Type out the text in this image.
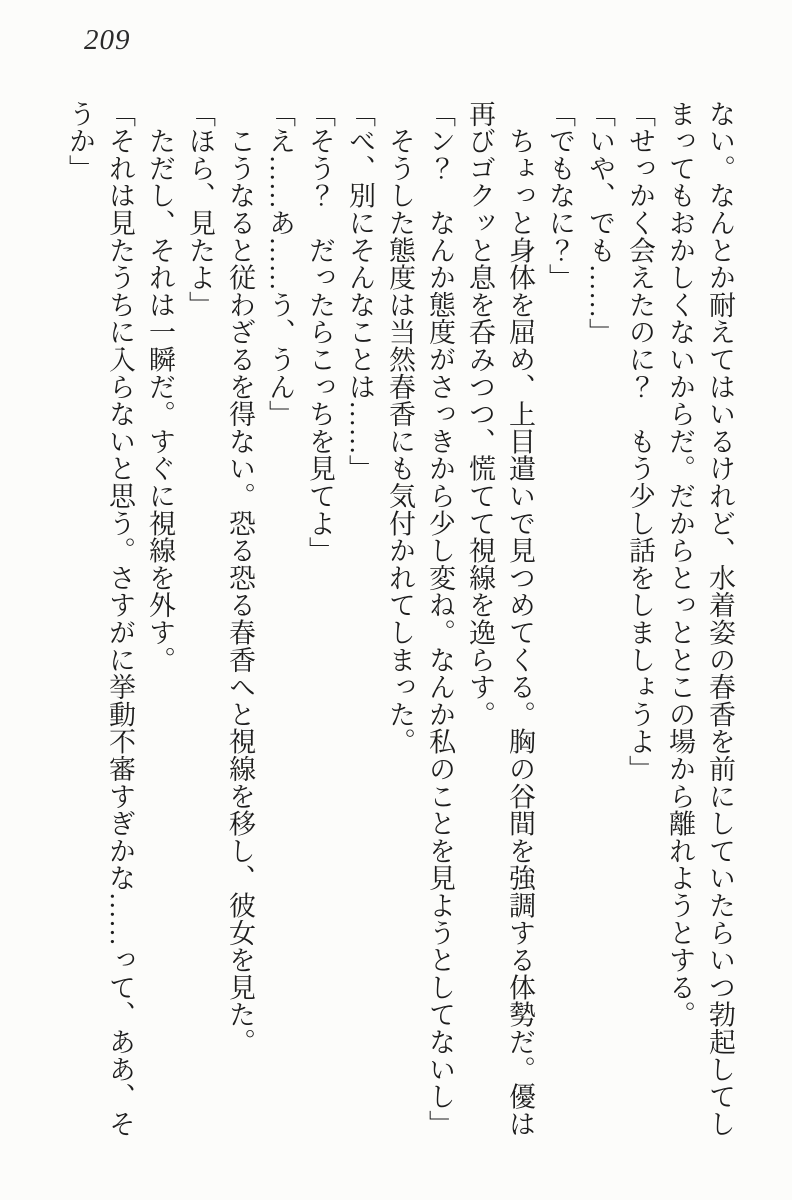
209

ない。なんとか耐えてはいるけれど、水着姿の春香を前にしていたらいつ勃起してしまってもおかしくないからだ。だからとっととこの場から離れようとする。

「せっかく会えたのに？　もう少し話をしましょうよ」

「いや、でも……」

「でもなに？」

　ちょっと身体を屈め、上目遣いで見つめてくる。胸の谷間を強調する体勢だ。優は再びゴクッと息を呑みつつ、慌てて視線を逸らす。

「ン？　なんか態度がさっきから少し変ね。なんか私のことを見ようとしてないし」

　そうした態度は当然春香にも気付かれてしまった。

「べ、別にそんなことは……」

「そう？　だったらこっちを見てよ」

「え……あ……う、うん」

　こうなると従わざるを得ない。恐る恐る春香へと視線を移し、彼女を見た。

「ほら、見たよ」

　ただし、それは一瞬だ。すぐに視線を外す。

「それは見たうちに入らないと思う。さすがに挙動不審すぎかな……って、ああ、そうか」
